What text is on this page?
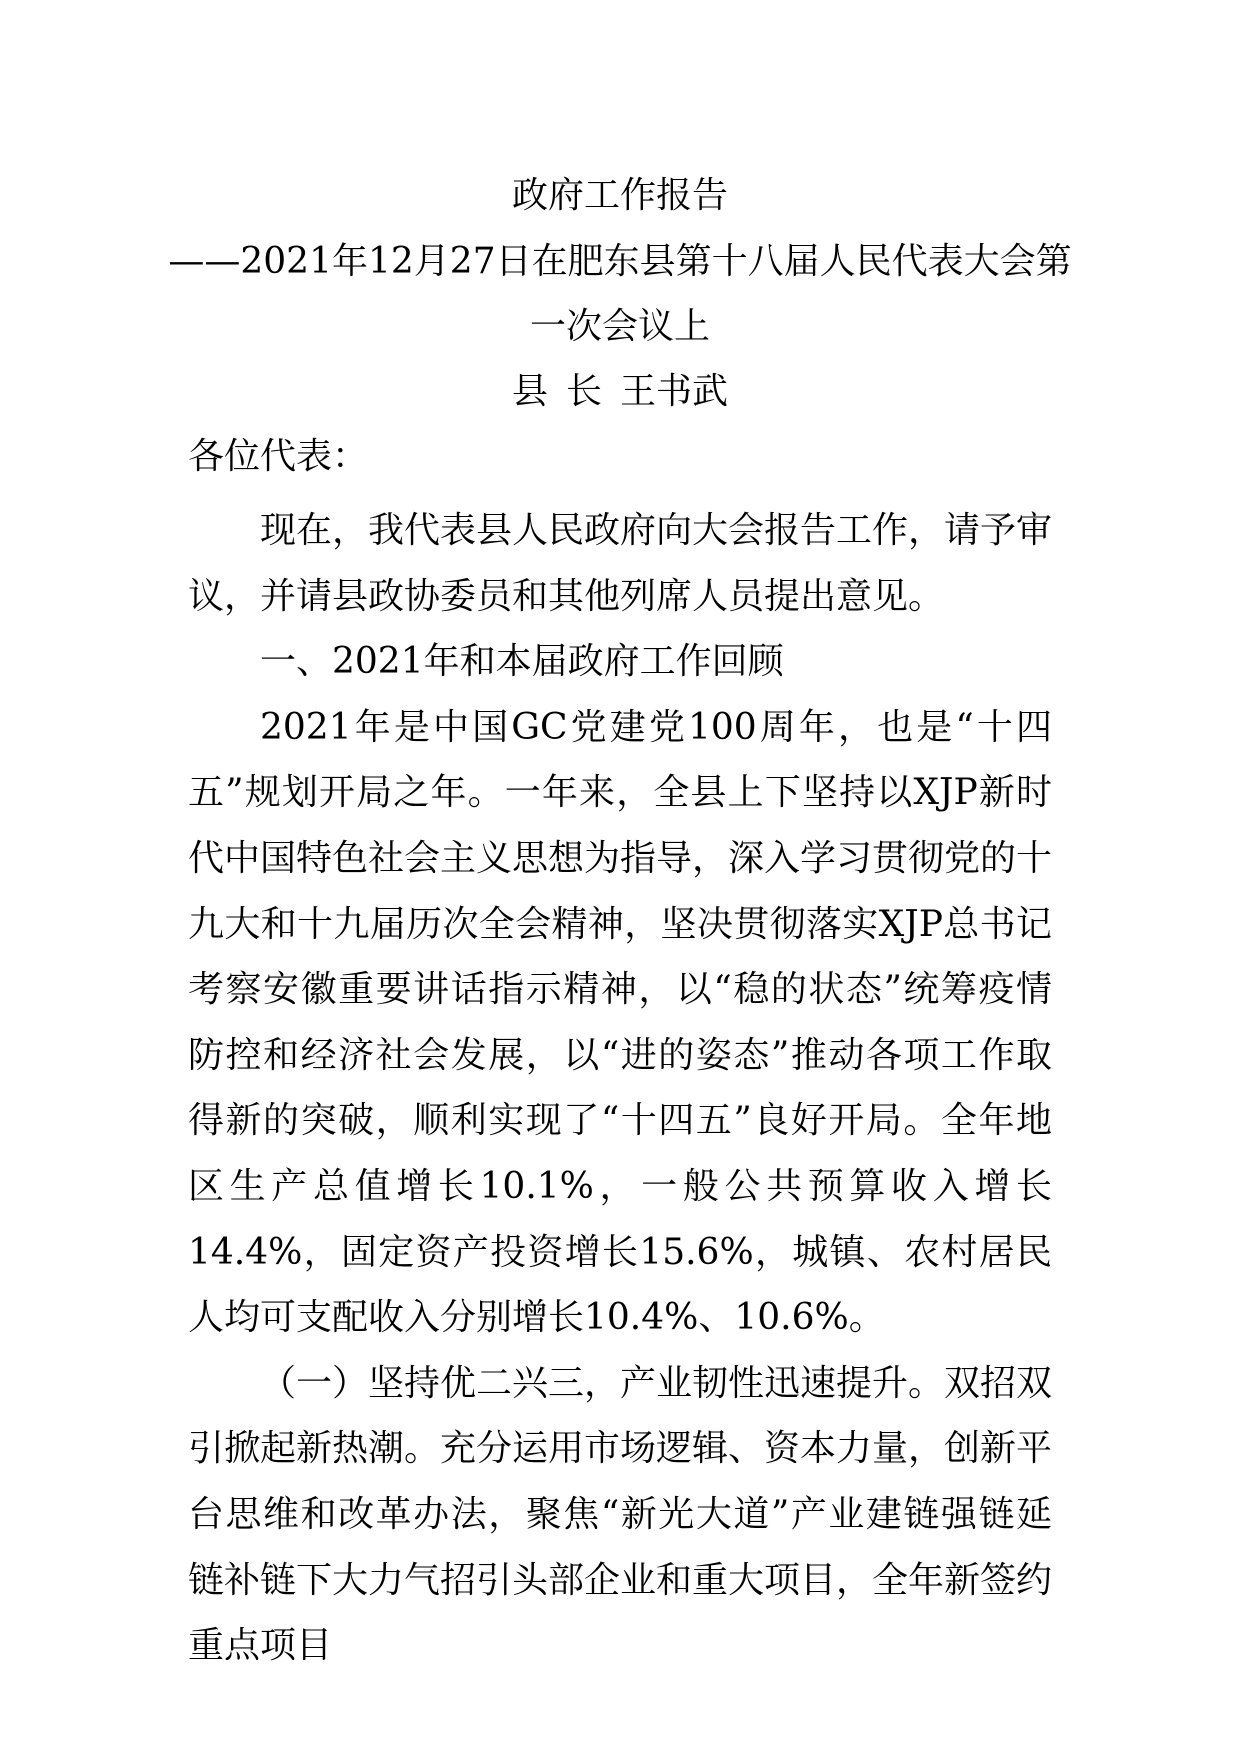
政府工作报告
——2021年12月27日在肥东县第十八届人民代表大会第
一次会议上
县 长 王书武
各位代表：

现在，我代表县人民政府向大会报告工作，请予审议，并请县政协委员和其他列席人员提出意见。

一、2021年和本届政府工作回顾

2021年是中国GC党建党100周年，也是“十四五”规划开局之年。一年来，全县上下坚持以XJP新时代中国特色社会主义思想为指导，深入学习贯彻党的十九大和十九届历次全会精神，坚决贯彻落实XJP总书记考察安徽重要讲话指示精神，以“稳的状态”统筹疫情防控和经济社会发展，以“进的姿态”推动各项工作取得新的突破，顺利实现了“十四五”良好开局。全年地区生产总值增长10.1%，一般公共预算收入增长14.4%，固定资产投资增长15.6%，城镇、农村居民人均可支配收入分别增长10.4%、10.6%。

（一）坚持优二兴三，产业韧性迅速提升。双招双引掀起新热潮。充分运用市场逻辑、资本力量，创新平台思维和改革办法，聚焦“新光大道”产业建链强链延链补链下大力气招引头部企业和重大项目，全年新签约重点项目
